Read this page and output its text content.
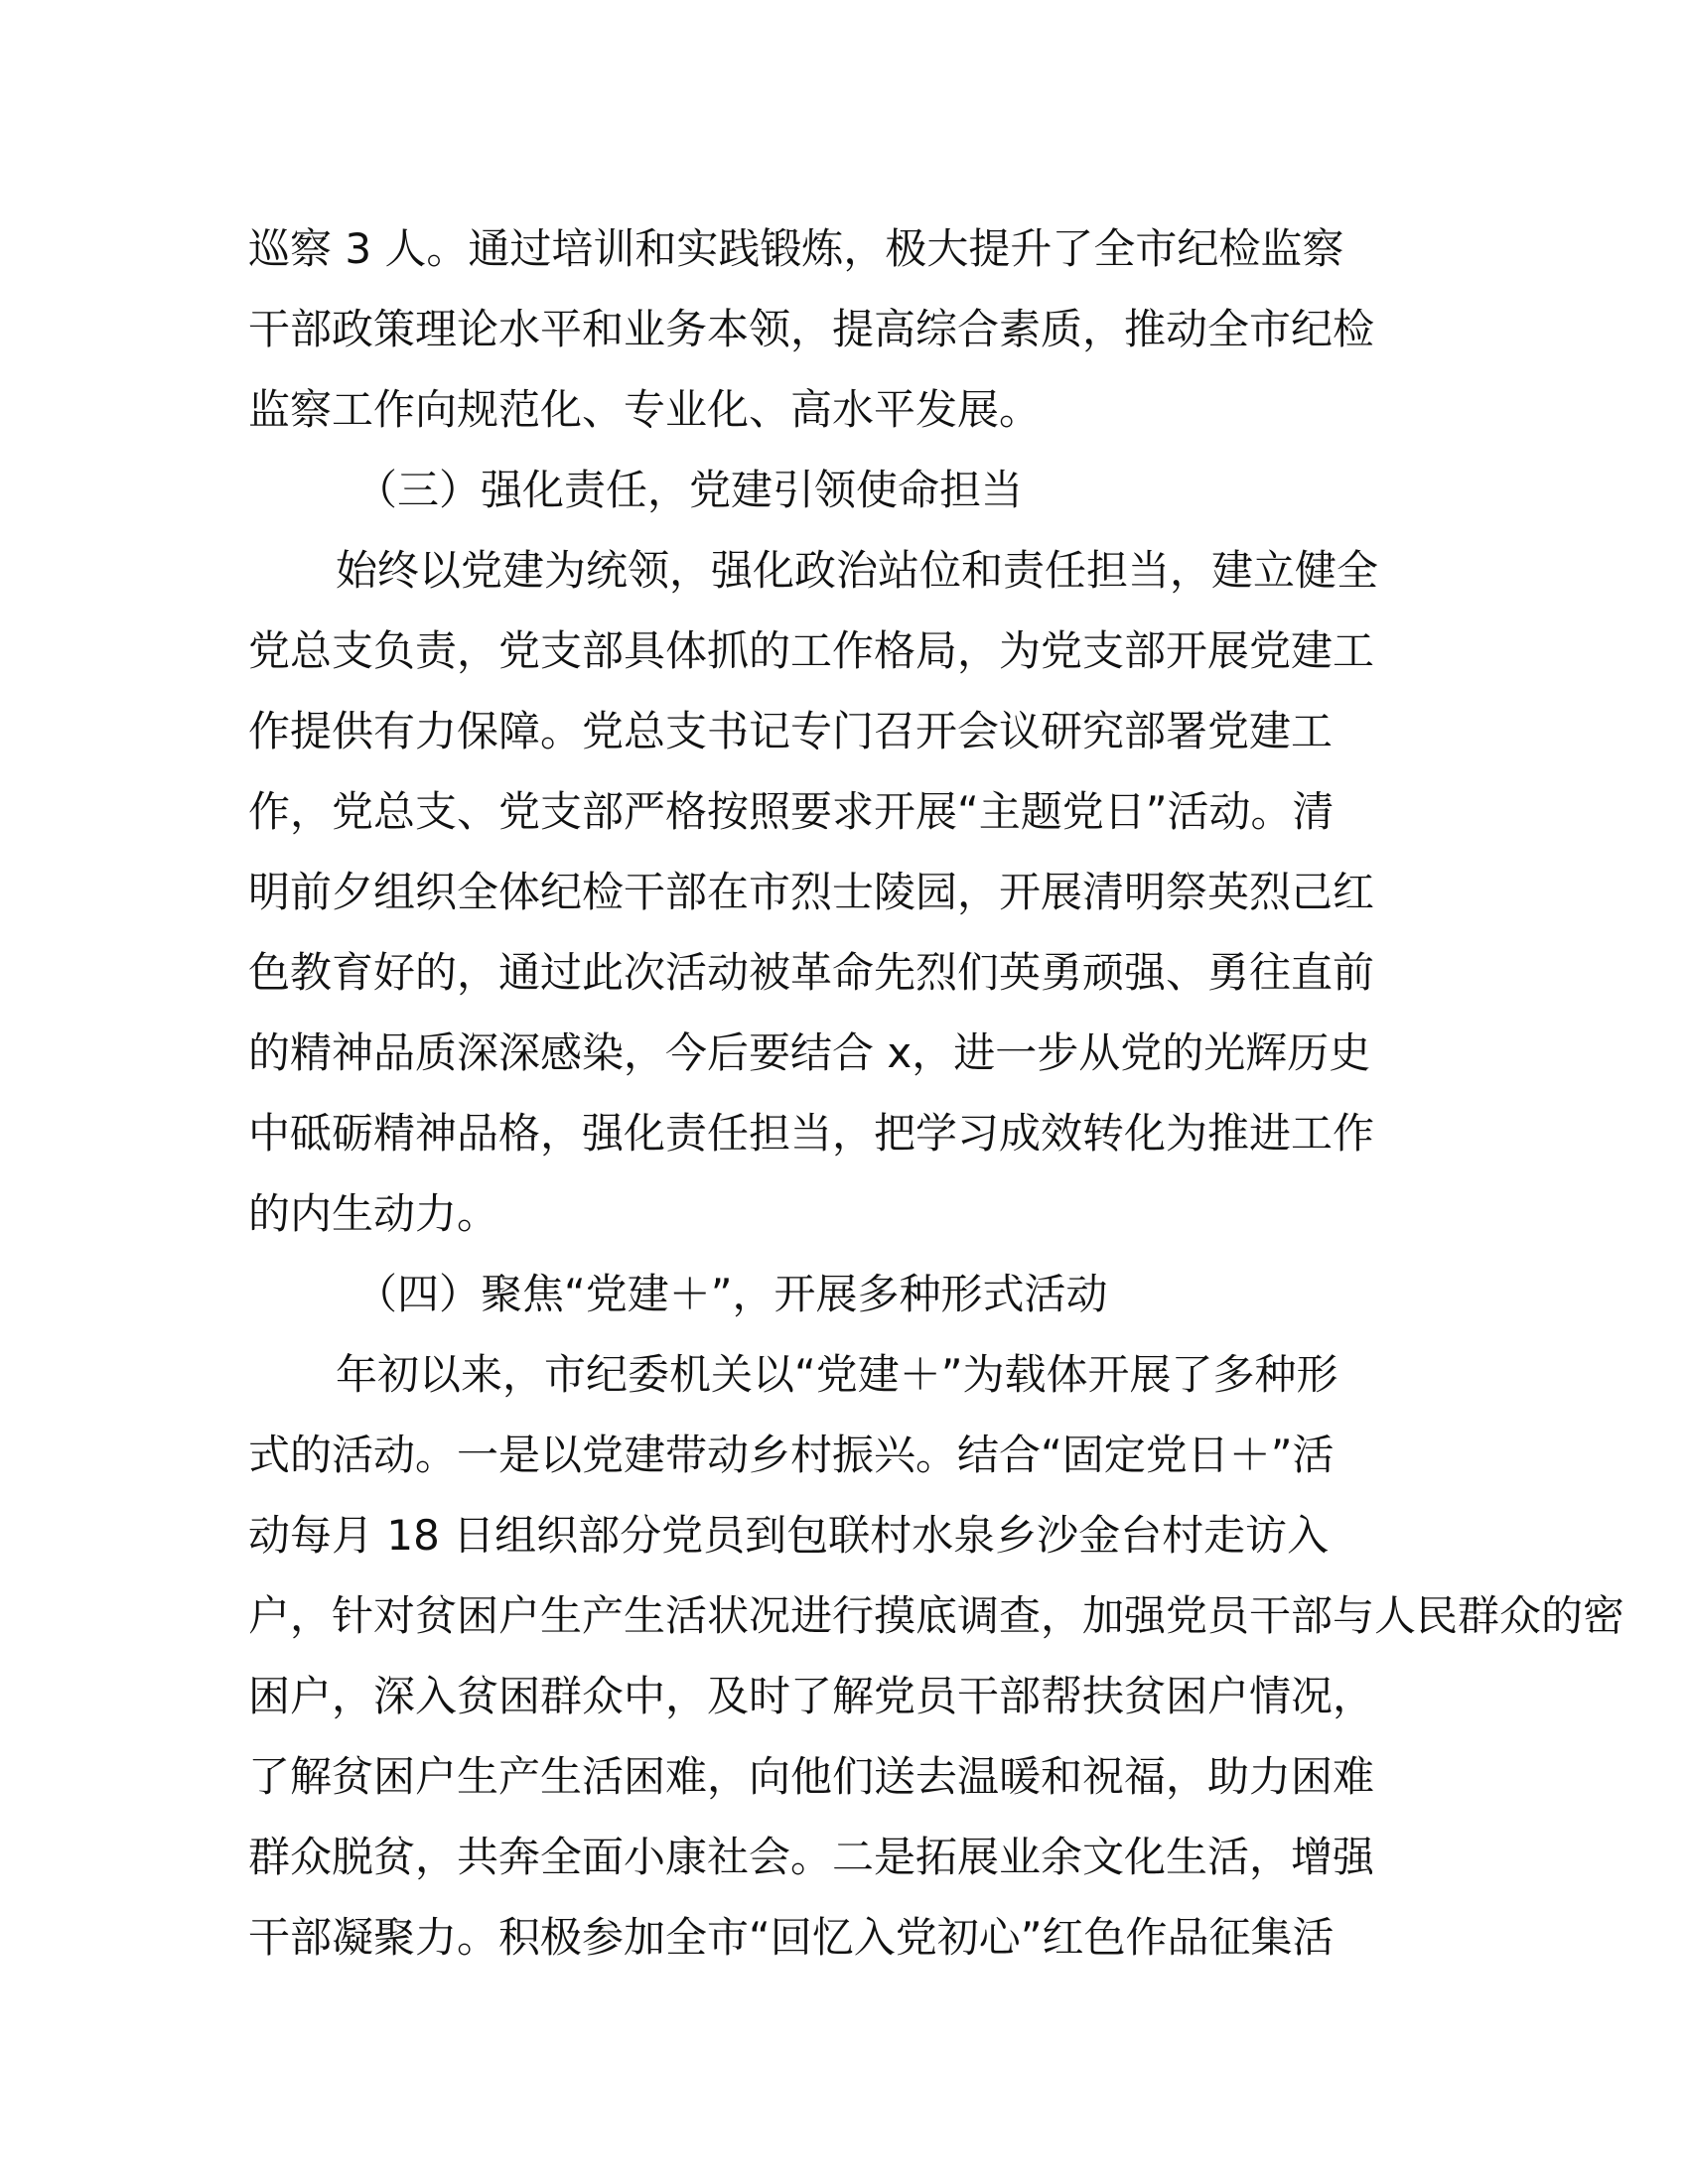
巡察 3 人。通过培训和实践锻炼，极大提升了全市纪检监察
干部政策理论水平和业务本领，提高综合素质，推动全市纪检
监察工作向规范化、专业化、高水平发展。
（三）强化责任，党建引领使命担当
始终以党建为统领，强化政治站位和责任担当，建立健全
党总支负责，党支部具体抓的工作格局，为党支部开展党建工
作提供有力保障。党总支书记专门召开会议研究部署党建工
作，党总支、党支部严格按照要求开展“主题党日”活动。清
明前夕组织全体纪检干部在市烈士陵园，开展清明祭英烈己红
色教育好的，通过此次活动被革命先烈们英勇顽强、勇往直前
的精神品质深深感染，今后要结合 x，进一步从党的光辉历史
中砥砺精神品格，强化责任担当，把学习成效转化为推进工作
的内生动力。
（四）聚焦“党建＋”，开展多种形式活动
年初以来，市纪委机关以“党建＋”为载体开展了多种形
式的活动。一是以党建带动乡村振兴。结合“固定党日＋”活
动每月 18 日组织部分党员到包联村水泉乡沙金台村走访入
户，针对贫困户生产生活状况进行摸底调查，加强党员干部与人民群众的密
困户，深入贫困群众中，及时了解党员干部帮扶贫困户情况，
了解贫困户生产生活困难，向他们送去温暖和祝福，助力困难
群众脱贫，共奔全面小康社会。二是拓展业余文化生活，增强
干部凝聚力。积极参加全市“回忆入党初心”红色作品征集活
